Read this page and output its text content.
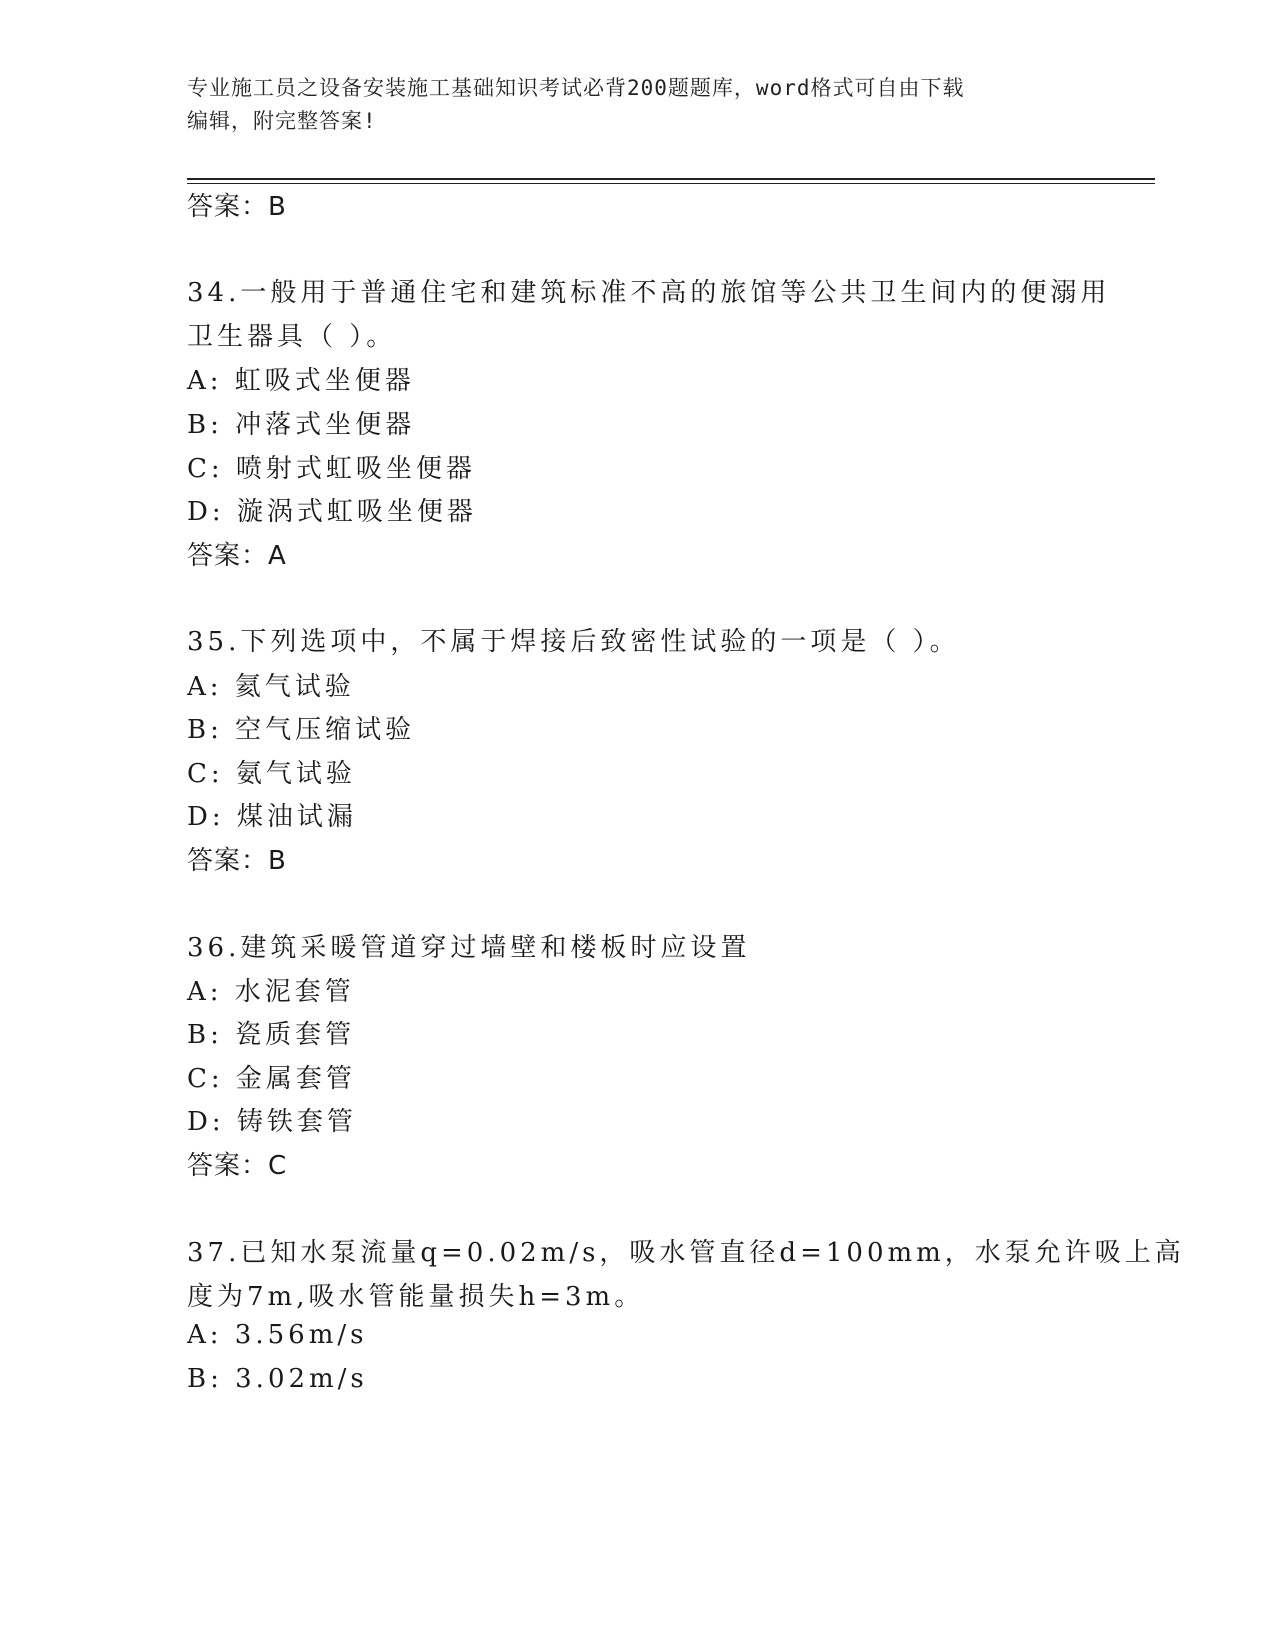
专业施工员之设备安装施工基础知识考试必背200题题库，word格式可自由下载
编辑，附完整答案!
答案：B
34.一般用于普通住宅和建筑标准不高的旅馆等公共卫生间内的便溺用
卫生器具（ ）。
A: 虹吸式坐便器
B: 冲落式坐便器
C: 喷射式虹吸坐便器
D: 漩涡式虹吸坐便器
答案：A
35.下列选项中，不属于焊接后致密性试验的一项是（ ）。
A: 氦气试验
B: 空气压缩试验
C: 氨气试验
D: 煤油试漏
答案：B
36.建筑采暖管道穿过墙壁和楼板时应设置
A: 水泥套管
B: 瓷质套管
C: 金属套管
D: 铸铁套管
答案：C
37.已知水泵流量q=0.02m/s，吸水管直径d=100mm，水泵允许吸上高
度为7m,吸水管能量损失h=3m。
A: 3.56m/s
B: 3.02m/s
